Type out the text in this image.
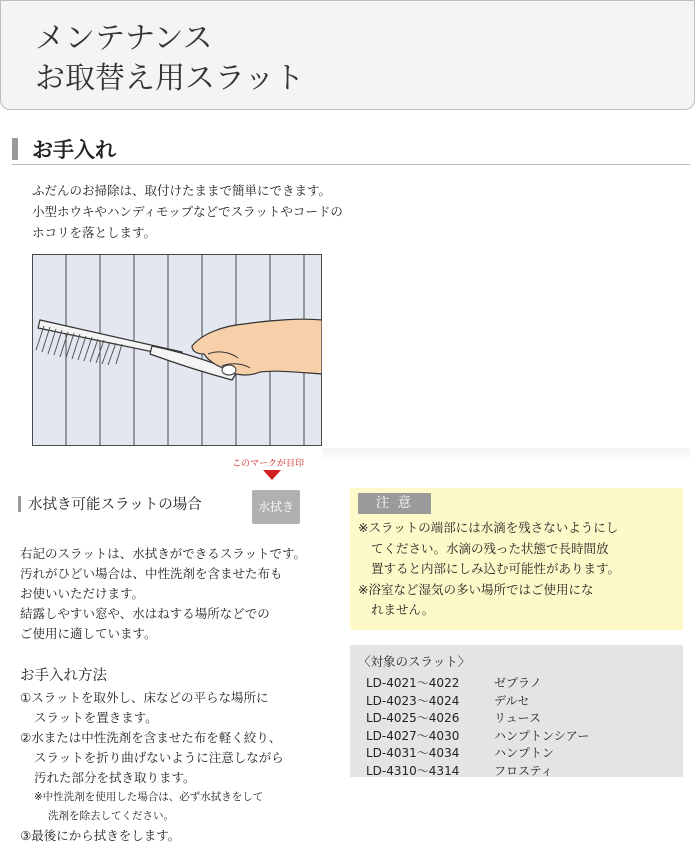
メンテナンス
お取替え用スラット
お手入れ

ふだんのお掃除は、取付けたままで簡単にできます。
小型ホウキやハンディモップなどでスラットやコードの
ホコリを落とします。

このマークが目印
水拭き可能スラットの場合	水拭き

右記のスラットは、水拭きができるスラットです。
汚れがひどい場合は、中性洗剤を含ませた布も
お使いいただけます。
結露しやすい窓や、水はねする場所などでの
ご使用に適しています。

お手入れ方法

①スラットを取外し、床などの平らな場所に
スラットを置きます。
②水または中性洗剤を含ませた布を軽く絞り、
スラットを折り曲げないように注意しながら
汚れた部分を拭き取ります。
※中性洗剤を使用した場合は、必ず水拭きをして
洗剤を除去してください。
③最後にから拭きをします。

注 意

※スラットの端部には水滴を残さないようにし
てください。水滴の残った状態で長時間放
置すると内部にしみ込む可能性があります。
※浴室など湿気の多い場所ではご使用にな
れません。

〈対象のスラット〉

LD-4021～4022	ゼプラノ
LD-4023～4024	デルセ
LD-4025～4026	リュース
LD-4027～4030	ハンプトンシアー
LD-4031～4034	ハンプトン
LD-4310～4314	フロスティ
